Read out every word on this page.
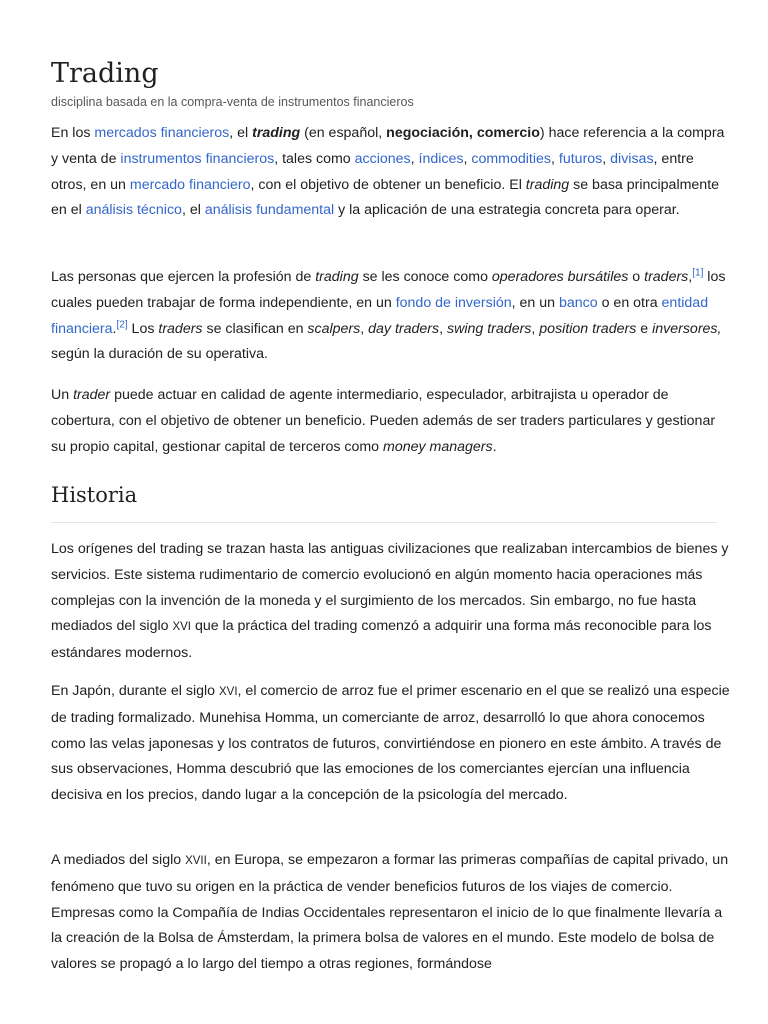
Trading
disciplina basada en la compra-venta de instrumentos financieros

En los mercados financieros, el trading (en español, negociación, comercio) hace referencia a la compra y venta de instrumentos financieros, tales como acciones, índices, commodities, futuros, divisas, entre otros, en un mercado financiero, con el objetivo de obtener un beneficio. El trading se basa principalmente en el análisis técnico, el análisis fundamental y la aplicación de una estrategia concreta para operar.

Las personas que ejercen la profesión de trading se les conoce como operadores bursátiles o traders,[1] los cuales pueden trabajar de forma independiente, en un fondo de inversión, en un banco o en otra entidad financiera.[2] Los traders se clasifican en scalpers, day traders, swing traders, position traders e inversores, según la duración de su operativa.

Un trader puede actuar en calidad de agente intermediario, especulador, arbitrajista u operador de cobertura, con el objetivo de obtener un beneficio. Pueden además de ser traders particulares y gestionar su propio capital, gestionar capital de terceros como money managers.

Historia

Los orígenes del trading se trazan hasta las antiguas civilizaciones que realizaban intercambios de bienes y servicios. Este sistema rudimentario de comercio evolucionó en algún momento hacia operaciones más complejas con la invención de la moneda y el surgimiento de los mercados. Sin embargo, no fue hasta mediados del siglo XVI que la práctica del trading comenzó a adquirir una forma más reconocible para los estándares modernos.

En Japón, durante el siglo XVI, el comercio de arroz fue el primer escenario en el que se realizó una especie de trading formalizado. Munehisa Homma, un comerciante de arroz, desarrolló lo que ahora conocemos como las velas japonesas y los contratos de futuros, convirtiéndose en pionero en este ámbito. A través de sus observaciones, Homma descubrió que las emociones de los comerciantes ejercían una influencia decisiva en los precios, dando lugar a la concepción de la psicología del mercado.

A mediados del siglo XVII, en Europa, se empezaron a formar las primeras compañías de capital privado, un fenómeno que tuvo su origen en la práctica de vender beneficios futuros de los viajes de comercio. Empresas como la Compañía de Indias Occidentales representaron el inicio de lo que finalmente llevaría a la creación de la Bolsa de Ámsterdam, la primera bolsa de valores en el mundo. Este modelo de bolsa de valores se propagó a lo largo del tiempo a otras regiones, formándose
